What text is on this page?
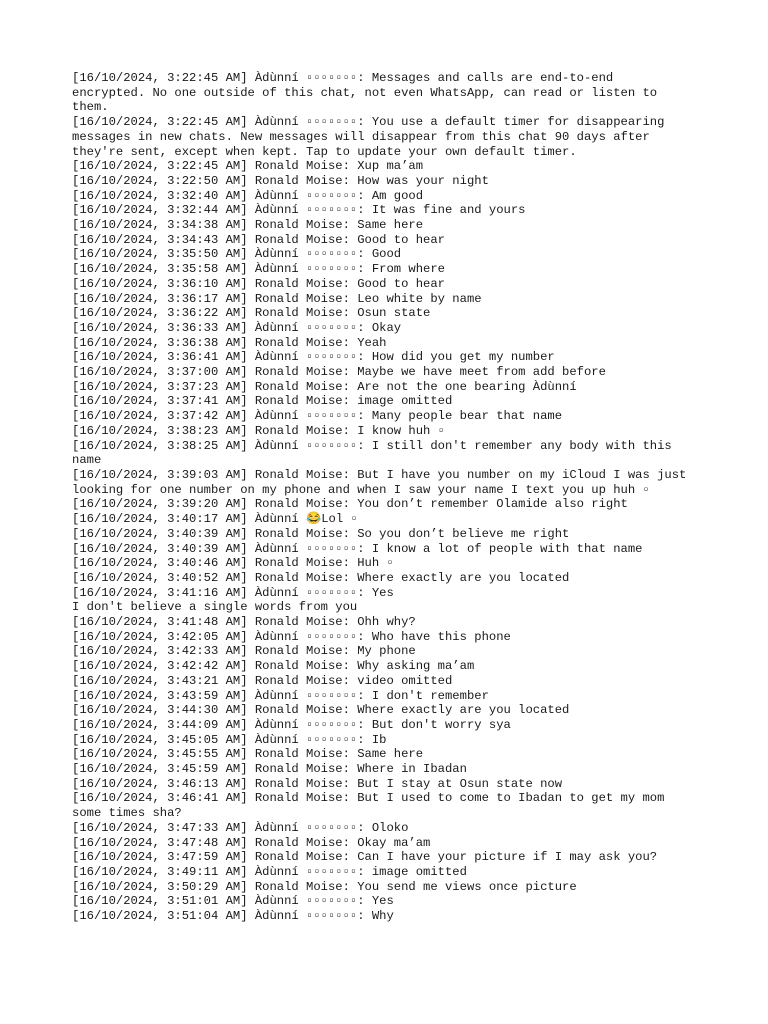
[16/10/2024, 3:22:45 AM] Àdùnní ▫▫▫▫▫▫▫: Messages and calls are end-to-end encrypted. No one outside of this chat, not even WhatsApp, can read or listen to them.
[16/10/2024, 3:22:45 AM] Àdùnní ▫▫▫▫▫▫▫: You use a default timer for disappearing messages in new chats. New messages will disappear from this chat 90 days after they're sent, except when kept. Tap to update your own default timer.
[16/10/2024, 3:22:45 AM] Ronald Moise: Xup ma’am
[16/10/2024, 3:22:50 AM] Ronald Moise: How was your night
[16/10/2024, 3:32:40 AM] Àdùnní ▫▫▫▫▫▫▫: Am good
[16/10/2024, 3:32:44 AM] Àdùnní ▫▫▫▫▫▫▫: It was fine and yours
[16/10/2024, 3:34:38 AM] Ronald Moise: Same here
[16/10/2024, 3:34:43 AM] Ronald Moise: Good to hear
[16/10/2024, 3:35:50 AM] Àdùnní ▫▫▫▫▫▫▫: Good
[16/10/2024, 3:35:58 AM] Àdùnní ▫▫▫▫▫▫▫: From where
[16/10/2024, 3:36:10 AM] Ronald Moise: Good to hear
[16/10/2024, 3:36:17 AM] Ronald Moise: Leo white by name
[16/10/2024, 3:36:22 AM] Ronald Moise: Osun state
[16/10/2024, 3:36:33 AM] Àdùnní ▫▫▫▫▫▫▫: Okay
[16/10/2024, 3:36:38 AM] Ronald Moise: Yeah
[16/10/2024, 3:36:41 AM] Àdùnní ▫▫▫▫▫▫▫: How did you get my number
[16/10/2024, 3:37:00 AM] Ronald Moise: Maybe we have meet from add before
[16/10/2024, 3:37:23 AM] Ronald Moise: Are not the one bearing Àdùnní
[16/10/2024, 3:37:41 AM] Ronald Moise: image omitted
[16/10/2024, 3:37:42 AM] Àdùnní ▫▫▫▫▫▫▫: Many people bear that name
[16/10/2024, 3:38:23 AM] Ronald Moise: I know huh ▫
[16/10/2024, 3:38:25 AM] Àdùnní ▫▫▫▫▫▫▫: I still don't remember any body with this name
[16/10/2024, 3:39:03 AM] Ronald Moise: But I have you number on my iCloud I was just looking for one number on my phone and when I saw your name I text you up huh ▫
[16/10/2024, 3:39:20 AM] Ronald Moise: You don’t remember Olamide also right
[16/10/2024, 3:40:17 AM] Àdùnní 😂Lol ▫
[16/10/2024, 3:40:39 AM] Ronald Moise: So you don’t believe me right
[16/10/2024, 3:40:39 AM] Àdùnní ▫▫▫▫▫▫▫: I know a lot of people with that name
[16/10/2024, 3:40:46 AM] Ronald Moise: Huh ▫
[16/10/2024, 3:40:52 AM] Ronald Moise: Where exactly are you located
[16/10/2024, 3:41:16 AM] Àdùnní ▫▫▫▫▫▫▫: Yes
I don't believe a single words from you
[16/10/2024, 3:41:48 AM] Ronald Moise: Ohh why?
[16/10/2024, 3:42:05 AM] Àdùnní ▫▫▫▫▫▫▫: Who have this phone
[16/10/2024, 3:42:33 AM] Ronald Moise: My phone
[16/10/2024, 3:42:42 AM] Ronald Moise: Why asking ma’am
[16/10/2024, 3:43:21 AM] Ronald Moise: video omitted
[16/10/2024, 3:43:59 AM] Àdùnní ▫▫▫▫▫▫▫: I don't remember
[16/10/2024, 3:44:30 AM] Ronald Moise: Where exactly are you located
[16/10/2024, 3:44:09 AM] Àdùnní ▫▫▫▫▫▫▫: But don't worry sya
[16/10/2024, 3:45:05 AM] Àdùnní ▫▫▫▫▫▫▫: Ib
[16/10/2024, 3:45:55 AM] Ronald Moise: Same here
[16/10/2024, 3:45:59 AM] Ronald Moise: Where in Ibadan
[16/10/2024, 3:46:13 AM] Ronald Moise: But I stay at Osun state now
[16/10/2024, 3:46:41 AM] Ronald Moise: But I used to come to Ibadan to get my mom some times sha?
[16/10/2024, 3:47:33 AM] Àdùnní ▫▫▫▫▫▫▫: Oloko
[16/10/2024, 3:47:48 AM] Ronald Moise: Okay ma’am
[16/10/2024, 3:47:59 AM] Ronald Moise: Can I have your picture if I may ask you?
[16/10/2024, 3:49:11 AM] Àdùnní ▫▫▫▫▫▫▫: image omitted
[16/10/2024, 3:50:29 AM] Ronald Moise: You send me views once picture
[16/10/2024, 3:51:01 AM] Àdùnní ▫▫▫▫▫▫▫: Yes
[16/10/2024, 3:51:04 AM] Àdùnní ▫▫▫▫▫▫▫: Why
